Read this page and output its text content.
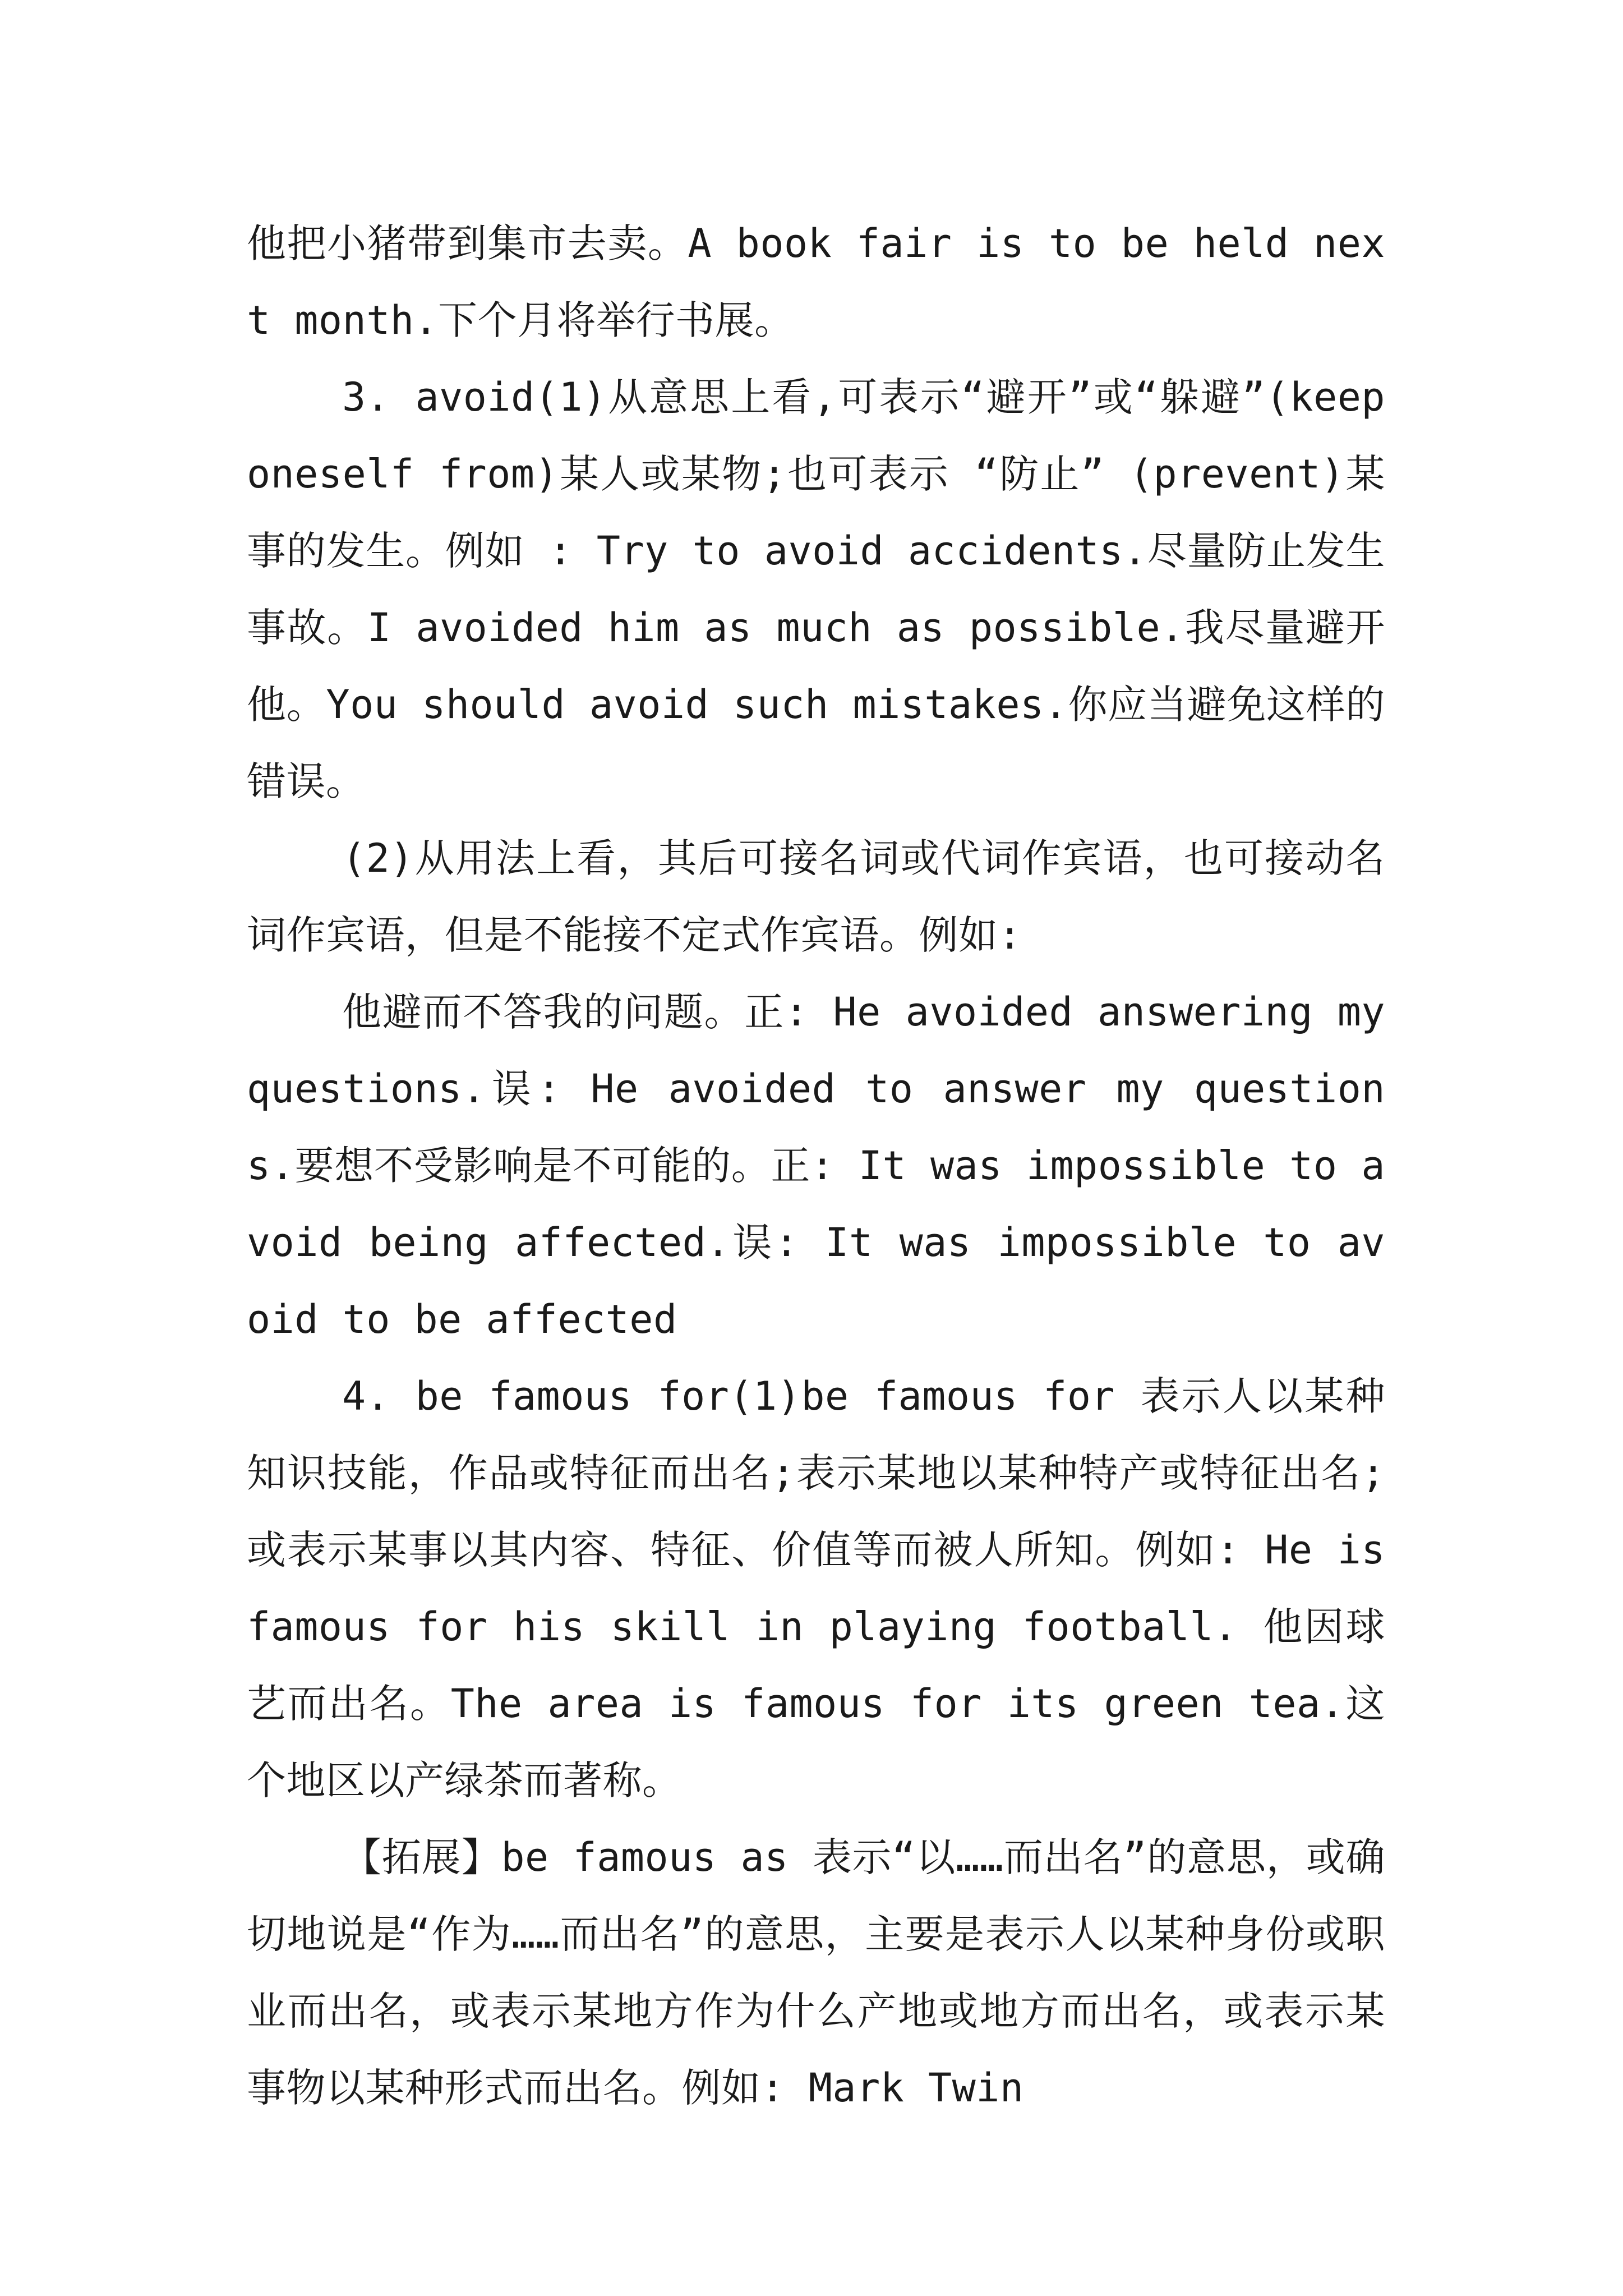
他把小猪带到集市去卖。A book fair is to be held next month.下个月将举行书展。

3. avoid(1)从意思上看,可表示“避开”或“躲避”(keep oneself from)某人或某物;也可表示 “防止” (prevent)某事的发生。例如 : Try to avoid accidents.尽量防止发生事故。I avoided him as much as possible.我尽量避开他。You should avoid such mistakes.你应当避免这样的错误。

(2)从用法上看，其后可接名词或代词作宾语，也可接动名词作宾语，但是不能接不定式作宾语。例如:

他避而不答我的问题。正: He avoided answering my questions.误: He avoided to answer my questions.要想不受影响是不可能的。正: It was impossible to avoid being affected.误: It was impossible to avoid to be affected

4. be famous for(1)be famous for 表示人以某种知识技能，作品或特征而出名;表示某地以某种特产或特征出名;或表示某事以其内容、特征、价值等而被人所知。例如: He is famous for his skill in playing football. 他因球艺而出名。The area is famous for its green tea.这个地区以产绿茶而著称。

【拓展】be famous as 表示“以……而出名”的意思，或确切地说是“作为……而出名”的意思，主要是表示人以某种身份或职业而出名，或表示某地方作为什么产地或地方而出名，或表示某事物以某种形式而出名。例如: Mark Twin
